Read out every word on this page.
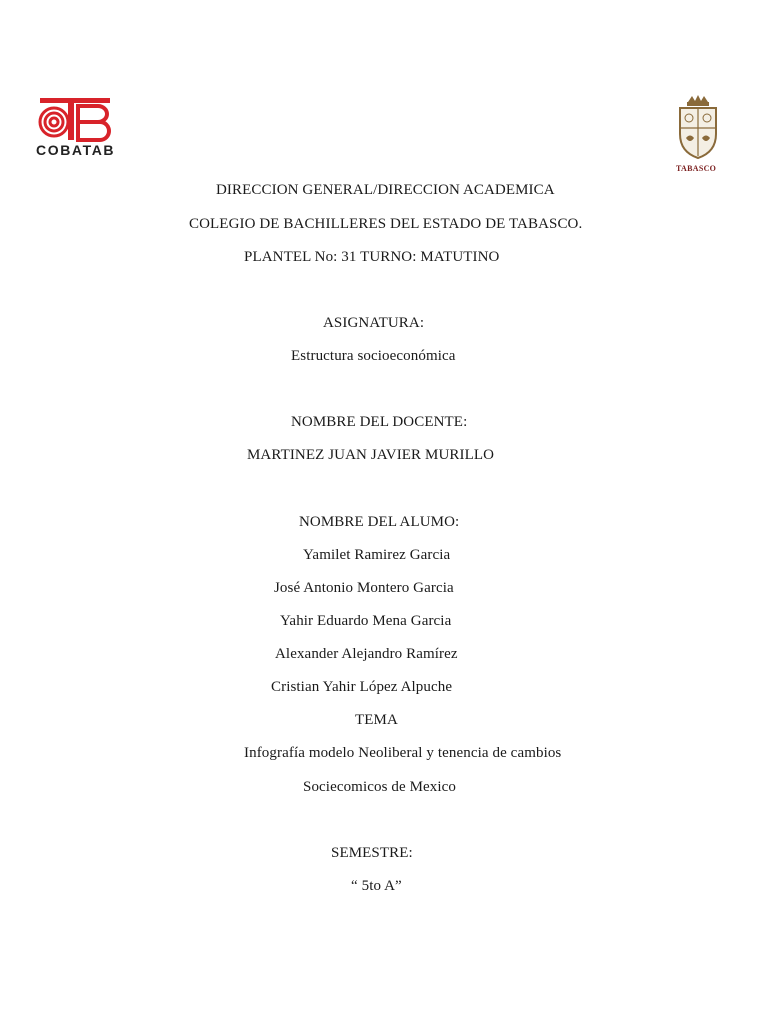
COBATAB
TABASCO
DIRECCION GENERAL/DIRECCION ACADEMICA
COLEGIO DE BACHILLERES DEL ESTADO DE TABASCO.
PLANTEL No: 31 TURNO: MATUTINO
ASIGNATURA:
Estructura socioeconómica
NOMBRE DEL DOCENTE:
MARTINEZ JUAN JAVIER MURILLO
NOMBRE DEL ALUMO:
Yamilet Ramirez Garcia
José Antonio Montero Garcia
Yahir Eduardo Mena Garcia
Alexander Alejandro Ramírez
Cristian Yahir López Alpuche
TEMA
Infografía modelo Neoliberal y tenencia de cambios
Sociecomicos de Mexico
SEMESTRE:
“ 5to A”
